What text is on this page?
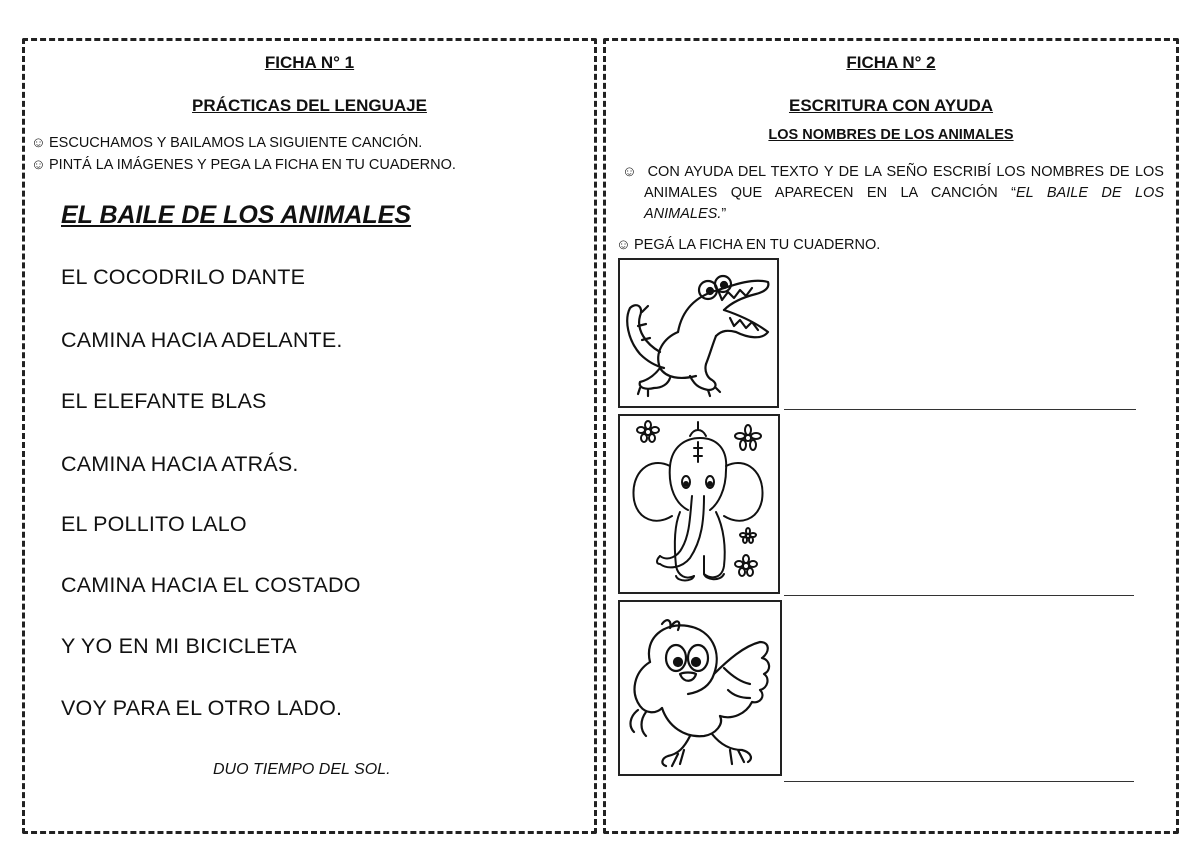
FICHA N° 1
PRÁCTICAS DEL LENGUAJE
☺ ESCUCHAMOS Y BAILAMOS LA SIGUIENTE CANCIÓN.
☺ PINTÁ LA IMÁGENES Y PEGA LA FICHA EN TU CUADERNO.
EL BAILE DE LOS ANIMALES
EL COCODRILO DANTE
CAMINA HACIA ADELANTE.
EL ELEFANTE BLAS
CAMINA HACIA ATRÁS.
EL POLLITO LALO
CAMINA HACIA EL COSTADO
Y YO EN MI BICICLETA
VOY PARA EL OTRO LADO.
DUO TIEMPO DEL SOL.
FICHA N° 2
ESCRITURA CON AYUDA
LOS NOMBRES DE LOS ANIMALES
☺  CON AYUDA DEL TEXTO Y DE LA SEÑO ESCRIBÍ LOS NOMBRES DE LOS ANIMALES QUE APARECEN EN LA CANCIÓN “EL BAILE DE LOS ANIMALES.”
☺ PEGÁ LA FICHA EN TU CUADERNO.
